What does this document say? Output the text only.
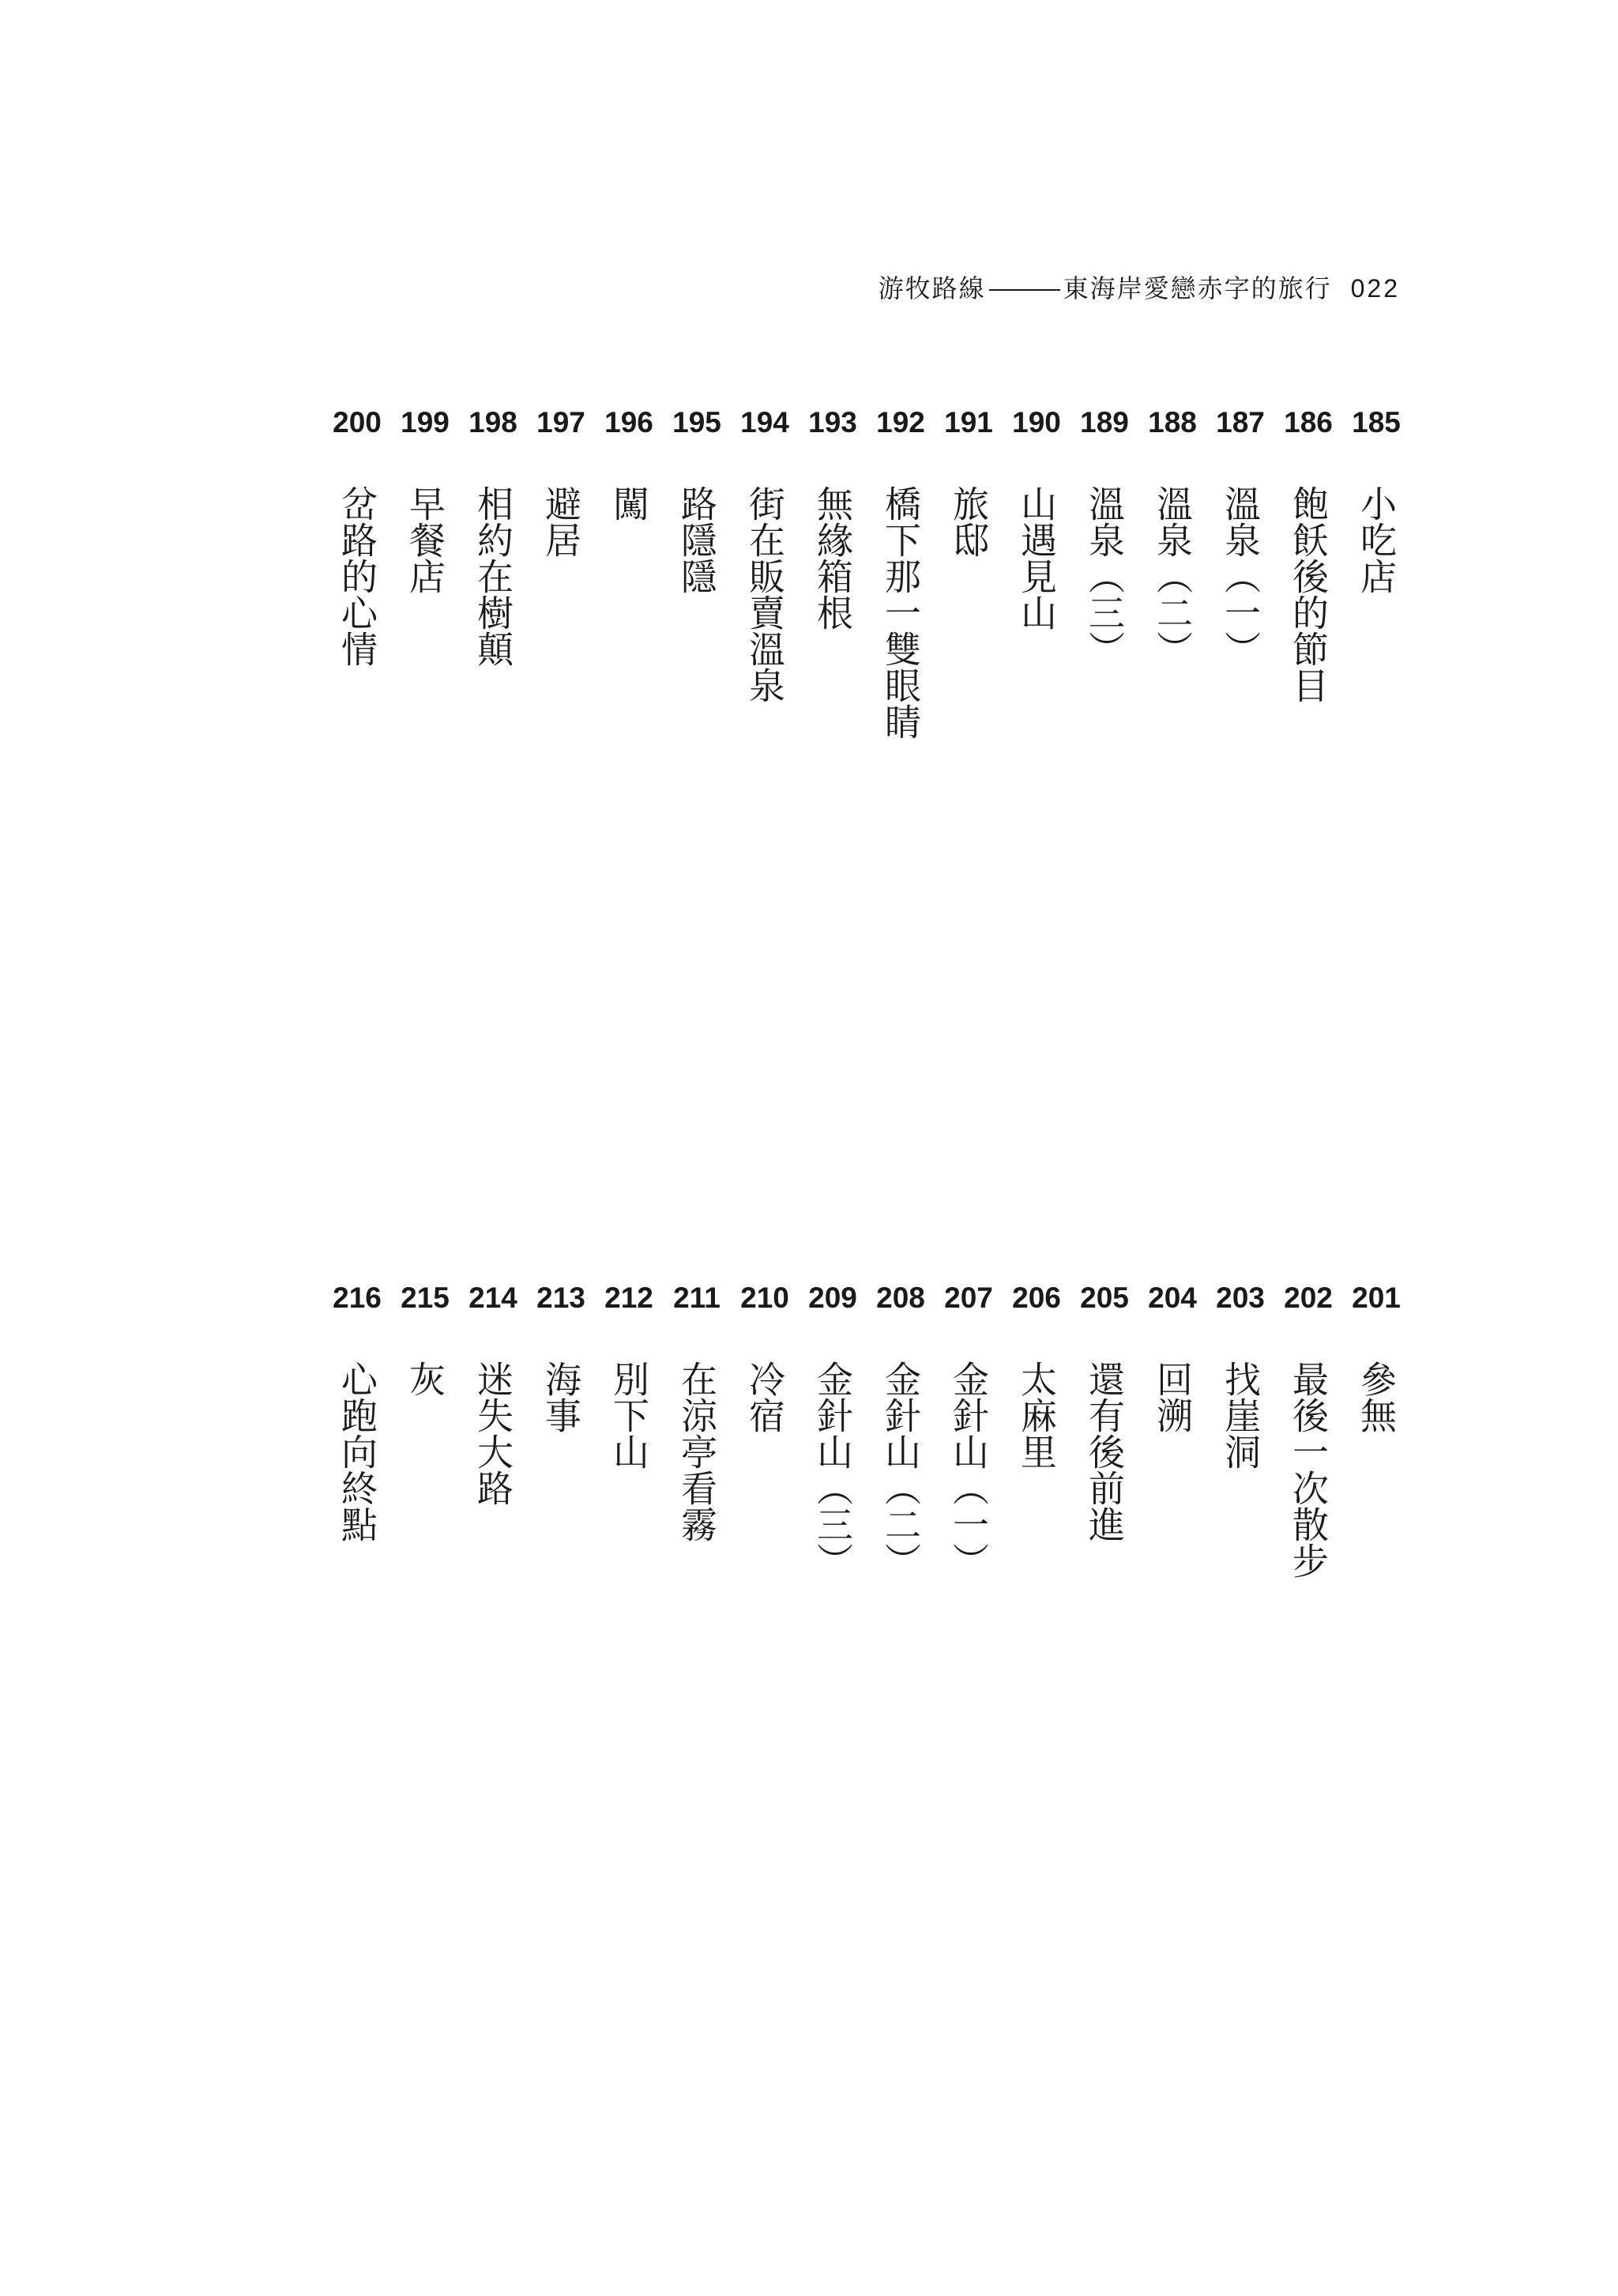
游牧路線	東海岸愛戀赤字的旅行 022
185
小吃店
186
飽飫後的節目
187
溫泉（一）
188
溫泉（二）
189
溫泉（三）
190
山遇見山
191
旅邸
192
橋下那一雙眼睛
193
無緣箱根
194
街在販賣溫泉
195
路隱隱
196
闖
197
避居
198
相約在樹顛
199
早餐店
200
岔路的心情
201
參無
202
最後一次散步
203
找崖洞
204
回溯
205
還有後前進
206
太麻里
207
金針山（一）
208
金針山（二）
209
金針山（三）
210
冷宿
211
在涼亭看霧
212
別下山
213
海事
214
迷失大路
215
灰
216
心跑向終點
